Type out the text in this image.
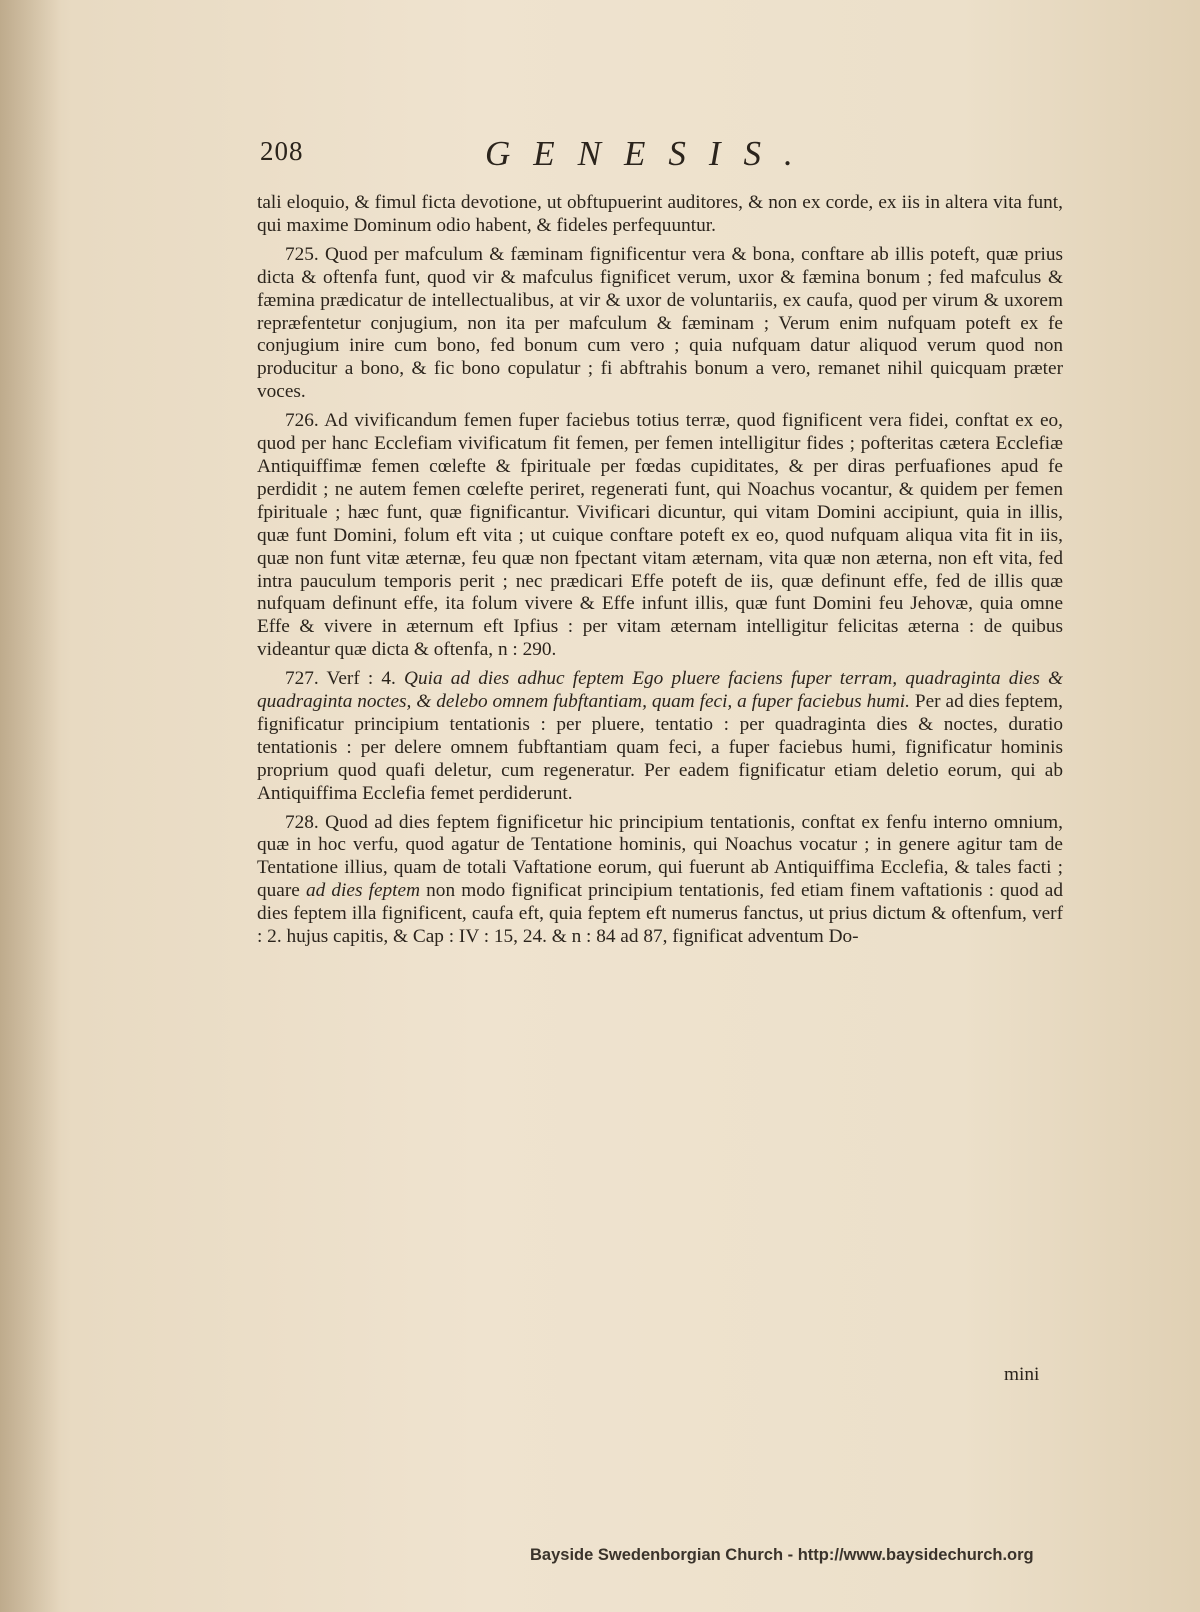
208	GENESIS.

tali eloquio, & fimul ficta devotione, ut obftupuerint auditores, & non ex corde, ex iis in altera vita funt, qui maxime Dominum odio habent, & fideles perfequuntur.

725. Quod per mafculum & fæminam fignificentur vera & bona, conftare ab illis poteft, quæ prius dicta & oftenfa funt, quod vir & mafculus fignificet verum, uxor & fæmina bonum ; fed mafculus & fæmina prædicatur de intellectualibus, at vir & uxor de voluntariis, ex caufa, quod per virum & uxorem repræfentetur conjugium, non ita per mafculum & fæminam ; Verum enim nufquam poteft ex fe conjugium inire cum bono, fed bonum cum vero ; quia nufquam datur aliquod verum quod non producitur a bono, & fic bono copulatur ; fi abftrahis bonum a vero, remanet nihil quicquam præter voces.

726. Ad vivificandum femen fuper faciebus totius terræ, quod fignificent vera fidei, conftat ex eo, quod per hanc Ecclefiam vivificatum fit femen, per femen intelligitur fides ; pofteritas cætera Ecclefiæ Antiquiffimæ femen cœlefte & fpirituale per fœdas cupiditates, & per diras perfuafiones apud fe perdidit ; ne autem femen cœlefte periret, regenerati funt, qui Noachus vocantur, & quidem per femen fpirituale ; hæc funt, quæ fignificantur. Vivificari dicuntur, qui vitam Domini accipiunt, quia in illis, quæ funt Domini, folum eft vita ; ut cuique conftare poteft ex eo, quod nufquam aliqua vita fit in iis, quæ non funt vitæ æternæ, feu quæ non fpectant vitam æternam, vita quæ non æterna, non eft vita, fed intra pauculum temporis perit ; nec prædicari Effe poteft de iis, quæ definunt effe, fed de illis quæ nufquam definunt effe, ita folum vivere & Effe infunt illis, quæ funt Domini feu Jehovæ, quia omne Effe & vivere in æternum eft Ipfius : per vitam æternam intelligitur felicitas æterna : de quibus videantur quæ dicta & oftenfa, n : 290.

727. Verf : 4. Quia ad dies adhuc feptem Ego pluere faciens fuper terram, quadraginta dies & quadraginta noctes, & delebo omnem fubftantiam, quam feci, a fuper faciebus humi. Per ad dies feptem, fignificatur principium tentationis : per pluere, tentatio : per quadraginta dies & noctes, duratio tentationis : per delere omnem fubftantiam quam feci, a fuper faciebus humi, fignificatur hominis proprium quod quafi deletur, cum regeneratur. Per eadem fignificatur etiam deletio eorum, qui ab Antiquiffima Ecclefia femet perdiderunt.

728. Quod ad dies feptem fignificetur hic principium tentationis, conftat ex fenfu interno omnium, quæ in hoc verfu, quod agatur de Tentatione hominis, qui Noachus vocatur ; in genere agitur tam de Tentatione illius, quam de totali Vaftatione eorum, qui fuerunt ab Antiquiffima Ecclefia, & tales facti ; quare ad dies feptem non modo fignificat principium tentationis, fed etiam finem vaftationis : quod ad dies feptem illa fignificent, caufa eft, quia feptem eft numerus fanctus, ut prius dictum & oftenfum, verf : 2. hujus capitis, & Cap : IV : 15, 24. & n : 84 ad 87, fignificat adventum Do-

mini
Bayside Swedenborgian Church - http://www.baysidechurch.org
